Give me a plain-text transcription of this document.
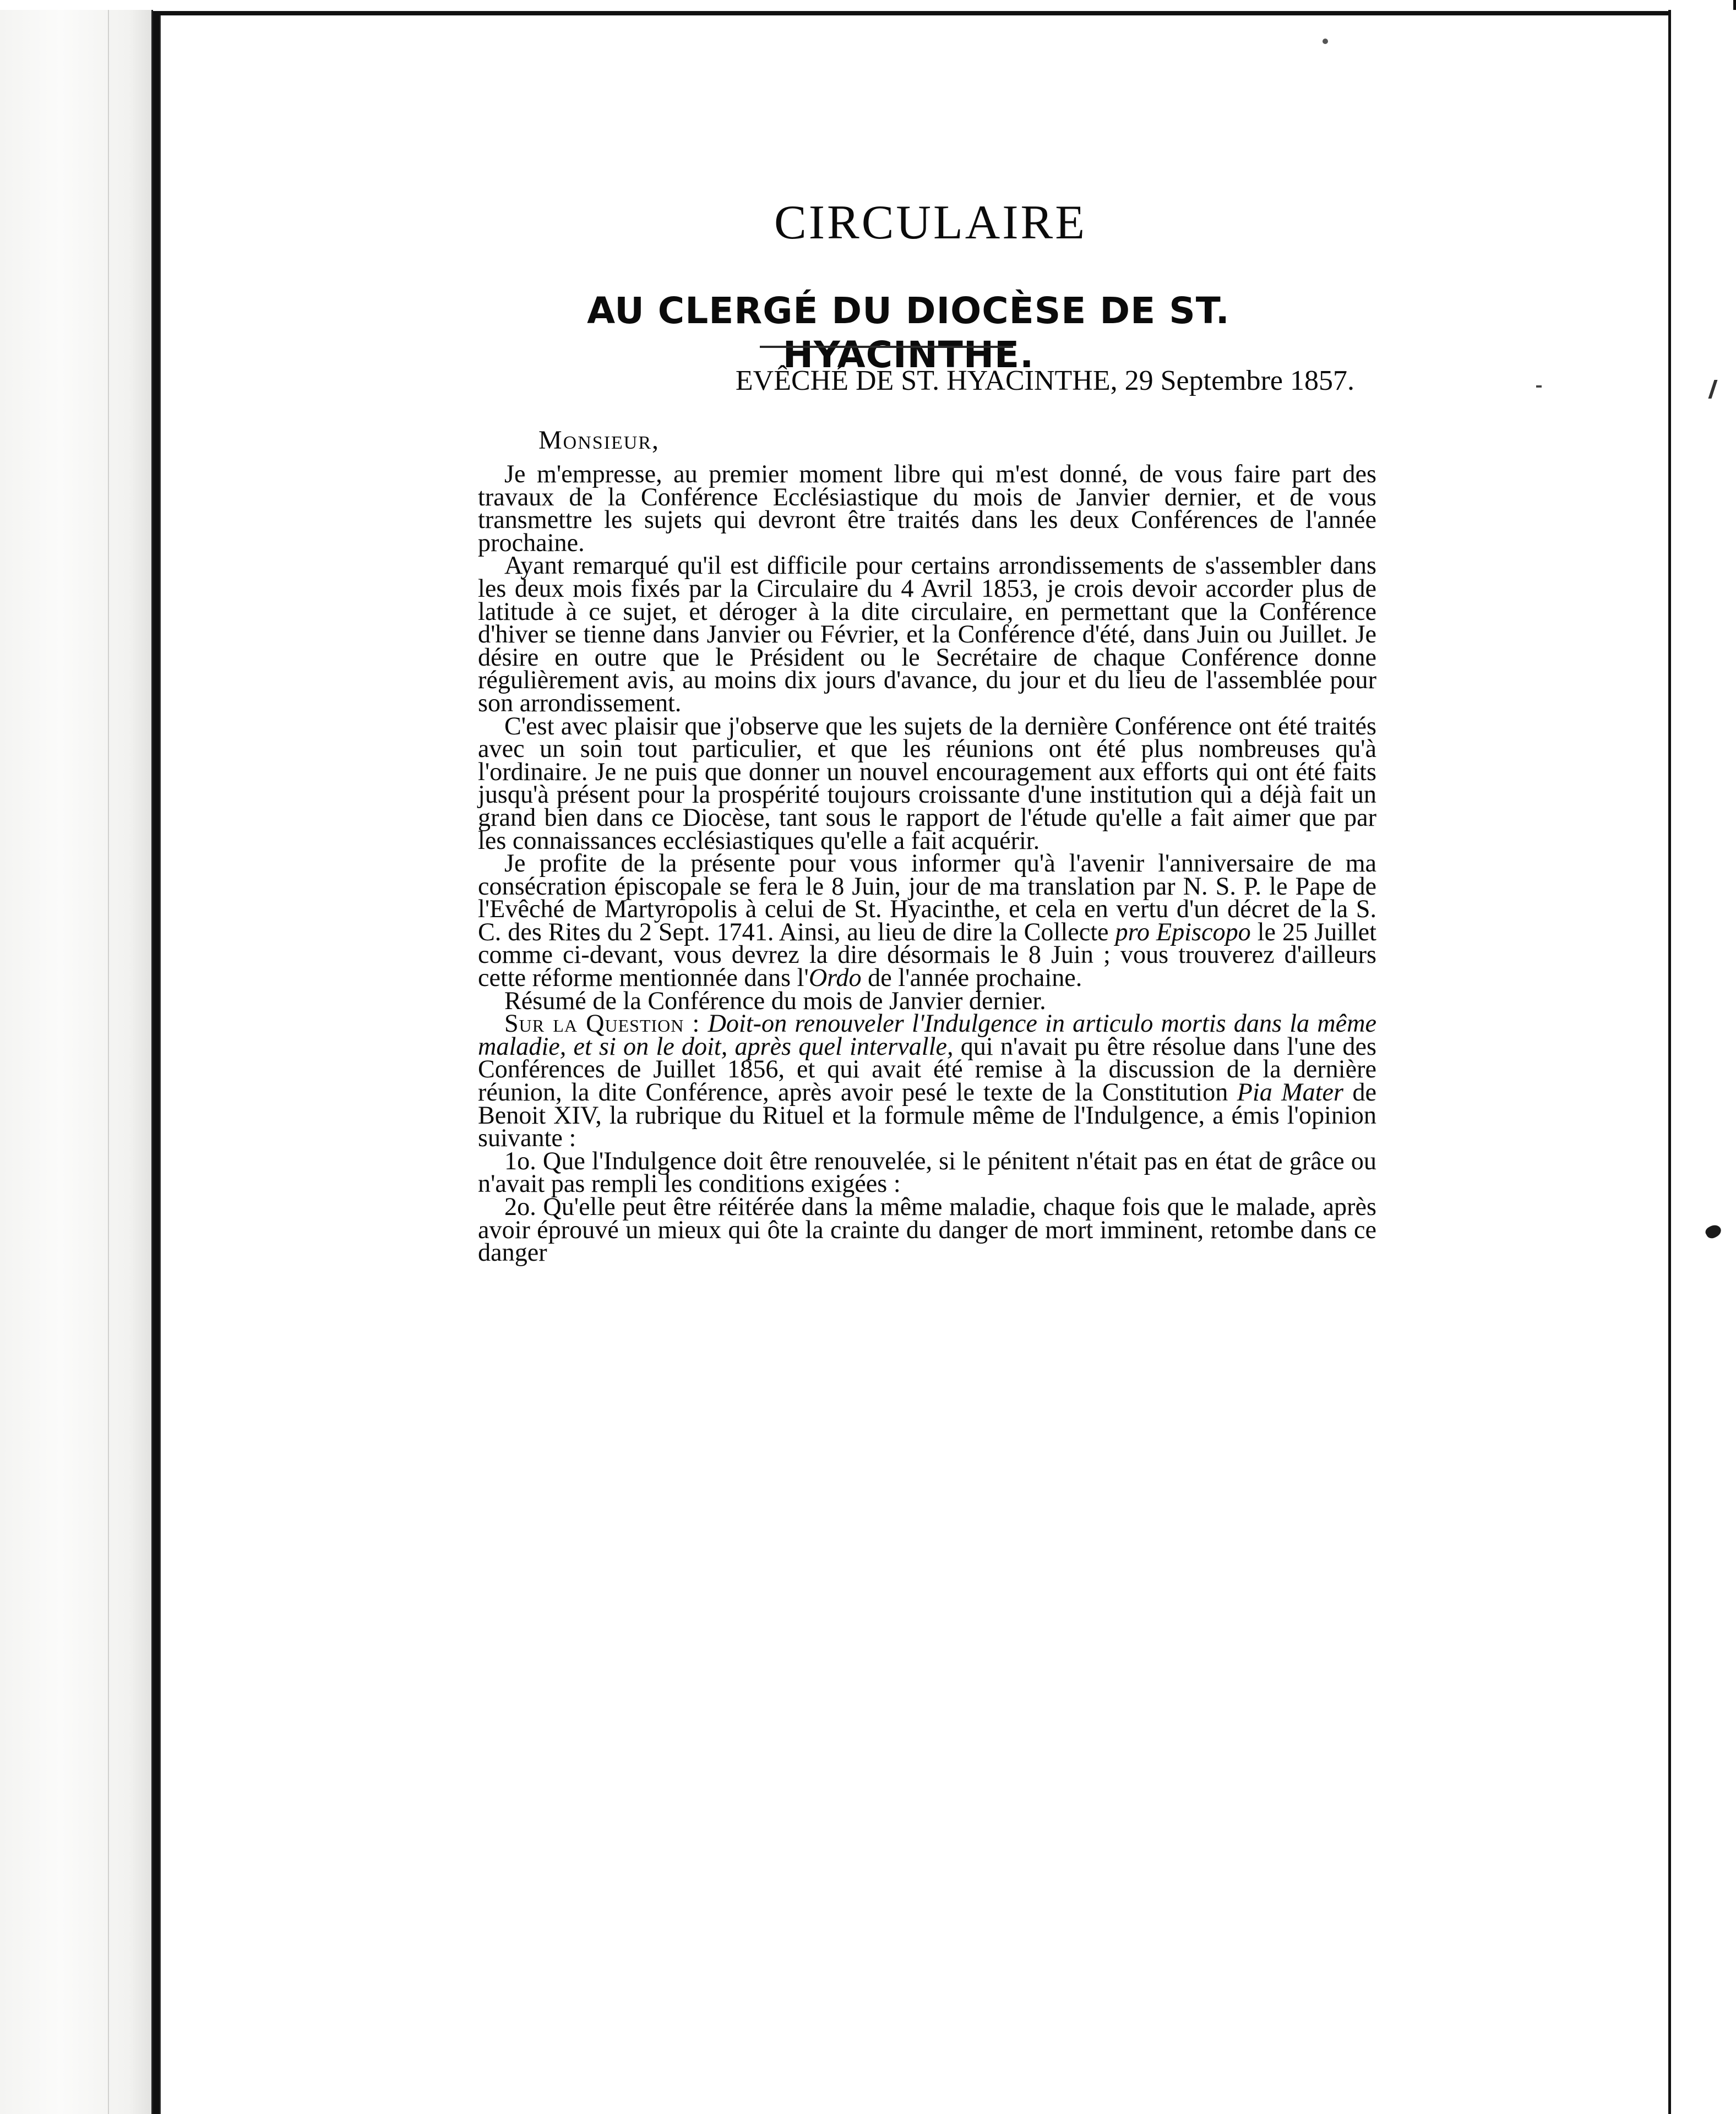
CIRCULAIRE
AU CLERGÉ DU DIOCÈSE DE ST. HYACINTHE.
EVÊCHÉ DE ST. HYACINTHE, 29 Septembre 1857.
Monsieur,

Je m'empresse, au premier moment libre qui m'est donné, de vous faire part des travaux de la Conférence Ecclésiastique du mois de Janvier dernier, et de vous transmettre les sujets qui devront être traités dans les deux Conférences de l'année prochaine.

Ayant remarqué qu'il est difficile pour certains arrondissements de s'assembler dans les deux mois fixés par la Circulaire du 4 Avril 1853, je crois devoir accorder plus de latitude à ce sujet, et déroger à la dite circulaire, en permettant que la Conférence d'hiver se tienne dans Janvier ou Février, et la Conférence d'été, dans Juin ou Juillet. Je désire en outre que le Président ou le Secrétaire de chaque Conférence donne régulièrement avis, au moins dix jours d'avance, du jour et du lieu de l'assemblée pour son arrondissement.

C'est avec plaisir que j'observe que les sujets de la dernière Conférence ont été traités avec un soin tout particulier, et que les réunions ont été plus nombreuses qu'à l'ordinaire. Je ne puis que donner un nouvel encouragement aux efforts qui ont été faits jusqu'à présent pour la prospérité toujours croissante d'une institution qui a déjà fait un grand bien dans ce Diocèse, tant sous le rapport de l'étude qu'elle a fait aimer que par les connaissances ecclésiastiques qu'elle a fait acquérir.

Je profite de la présente pour vous informer qu'à l'avenir l'anniversaire de ma consécration épiscopale se fera le 8 Juin, jour de ma translation par N. S. P. le Pape de l'Evêché de Martyropolis à celui de St. Hyacinthe, et cela en vertu d'un décret de la S. C. des Rites du 2 Sept. 1741. Ainsi, au lieu de dire la Collecte pro Episcopo le 25 Juillet comme ci-devant, vous devrez la dire désormais le 8 Juin ; vous trouverez d'ailleurs cette réforme mentionnée dans l'Ordo de l'année prochaine.

Résumé de la Conférence du mois de Janvier dernier.

Sur la Question : Doit-on renouveler l'Indulgence in articulo mortis dans la même maladie, et si on le doit, après quel intervalle, qui n'avait pu être résolue dans l'une des Conférences de Juillet 1856, et qui avait été remise à la discussion de la dernière réunion, la dite Conférence, après avoir pesé le texte de la Constitution Pia Mater de Benoit XIV, la rubrique du Rituel et la formule même de l'Indulgence, a émis l'opinion suivante :

1o. Que l'Indulgence doit être renouvelée, si le pénitent n'était pas en état de grâce ou n'avait pas rempli les conditions exigées :

2o. Qu'elle peut être réitérée dans la même maladie, chaque fois que le malade, après avoir éprouvé un mieux qui ôte la crainte du danger de mort imminent, retombe dans ce danger
